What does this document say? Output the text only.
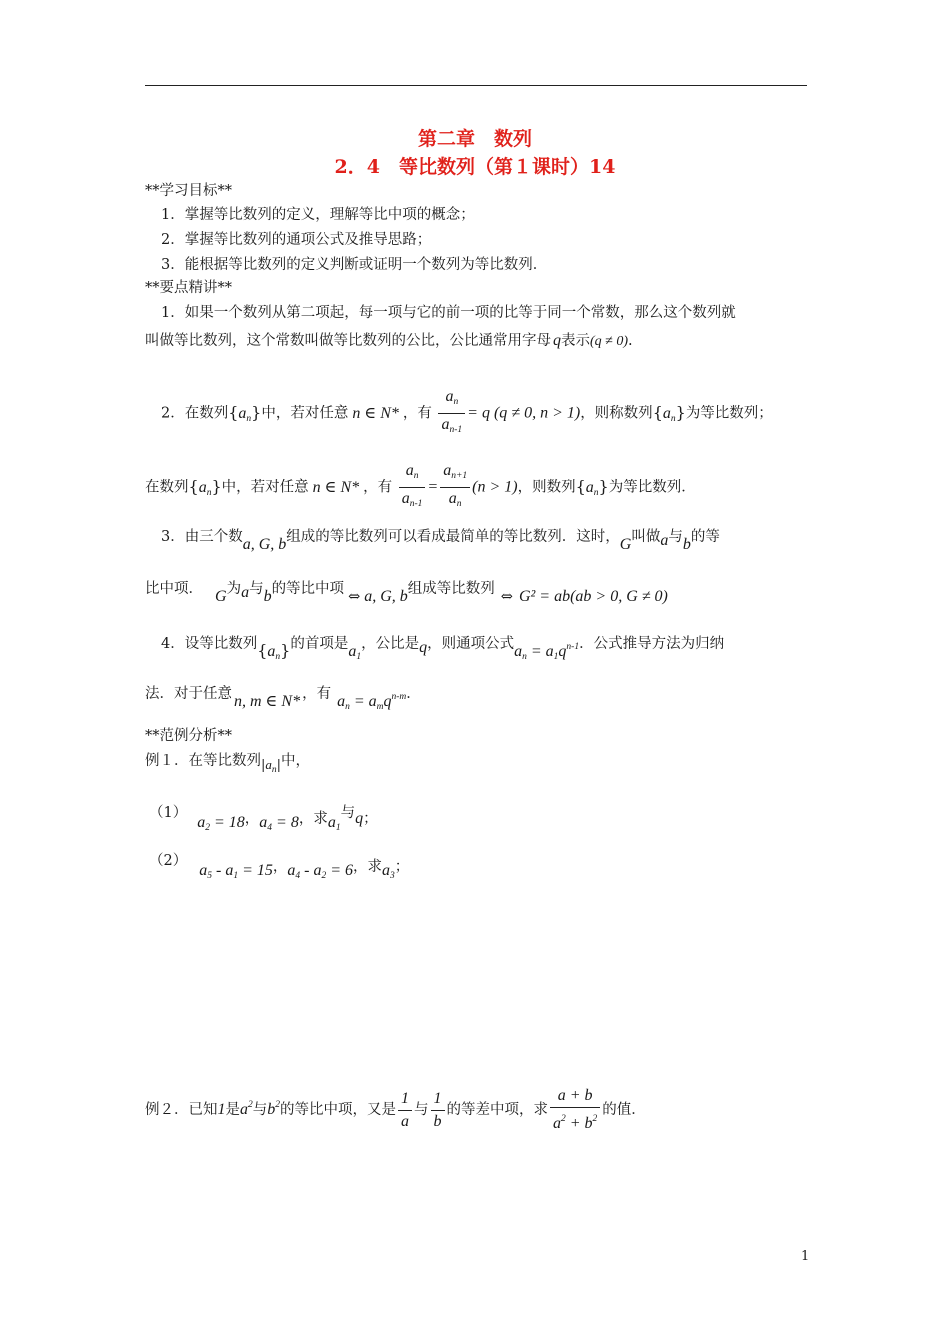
第二章　数列
2．4　等比数列（第１课时）14
**学习目标**
1．掌握等比数列的定义，理解等比中项的概念；
2．掌握等比数列的通项公式及推导思路；
3．能根据等比数列的定义判断或证明一个数列为等比数列．
**要点精讲**
1．如果一个数列从第二项起，每一项与它的前一项的比等于同一个常数，那么这个数列就
叫做等比数列，这个常数叫做等比数列的公比，公比通常用字母 q表示(q ≠ 0).
2．在数列$\{a_n\}$中，若对任意 n ∈ N* ，有 $\frac{a_n}{a_{n-1}} = q$ (q ≠ 0, n > 1)，则称数列$\{a_n\}$为等比数列；
在数列$\{a_n\}$中，若对任意 n ∈ N* ，有 $\frac{a_n}{a_{n-1}} = \frac{a_{n+1}}{a_n} (n > 1)$，则数列$\{a_n\}$为等比数列．
3．由三个数a, G, b组成的等比数列可以看成最简单的等比数列．这时，G叫做a与b的等
比中项． G为a与b的等比中项 ⇔ a, G, b组成等比数列 ⇔ G² = ab(ab > 0, G ≠ 0)
4．设等比数列$\{a_n\}$的首项是$a_1$，公比是q，则通项公式$a_n = a_1q^{n-1}$．公式推导方法为归纳
法．对于任意 n, m ∈ N* ，有 $a_n = a_mq^{n-m}$．
**范例分析**
例１．在等比数列$|a_n|$中，
$(1)a_2 = 18$，$a_4 = 8$，求$a_1$与q；
$(2)a_5 - a_1 = 15$，$a_4 - a_2 = 6$，求$a_3$；
例２．已知1是$a^2$与$b^2$的等比中项，又是 $\frac{1}{a}$ 与 $\frac{1}{b}$ 的等差中项，求 $\frac{a + b}{a^2 + b^2}$ 的值．
1
